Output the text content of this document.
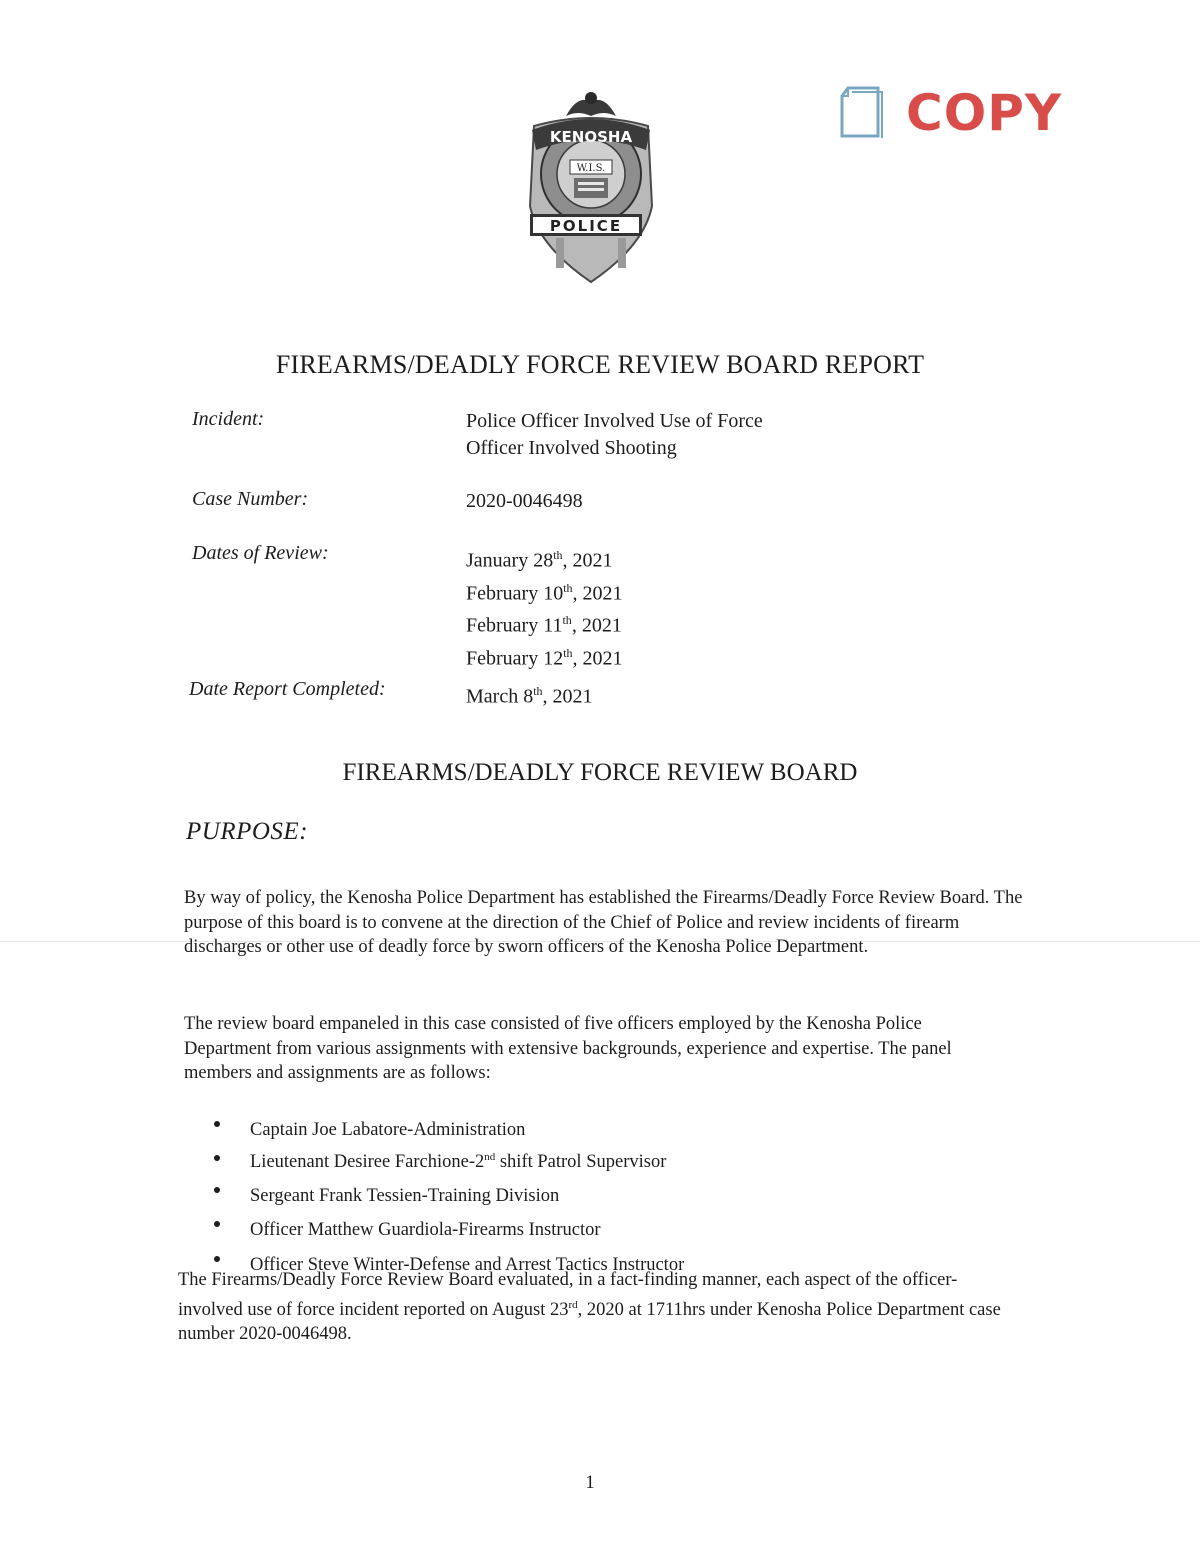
KENOSHA
W.I.S.
POLICE
COPY
FIREARMS/DEADLY FORCE REVIEW BOARD REPORT
Incident:	Police Officer Involved Use of Force
Officer Involved Shooting
Case Number:	2020-0046498
Dates of Review:	January 28th, 2021
February 10th, 2021
February 11th, 2021
February 12th, 2021
Date Report Completed:	March 8th, 2021
FIREARMS/DEADLY FORCE REVIEW BOARD
PURPOSE:
By way of policy, the Kenosha Police Department has established the Firearms/Deadly Force Review Board. The purpose of this board is to convene at the direction of the Chief of Police and review incidents of firearm discharges or other use of deadly force by sworn officers of the Kenosha Police Department.
The review board empaneled in this case consisted of five officers employed by the Kenosha Police Department from various assignments with extensive backgrounds, experience and expertise. The panel members and assignments are as follows:
Captain Joe Labatore-Administration
Lieutenant Desiree Farchione-2nd shift Patrol Supervisor
Sergeant Frank Tessien-Training Division
Officer Matthew Guardiola-Firearms Instructor
Officer Steve Winter-Defense and Arrest Tactics Instructor
The Firearms/Deadly Force Review Board evaluated, in a fact-finding manner, each aspect of the officer-involved use of force incident reported on August 23rd, 2020 at 1711hrs under Kenosha Police Department case number 2020-0046498.
1
